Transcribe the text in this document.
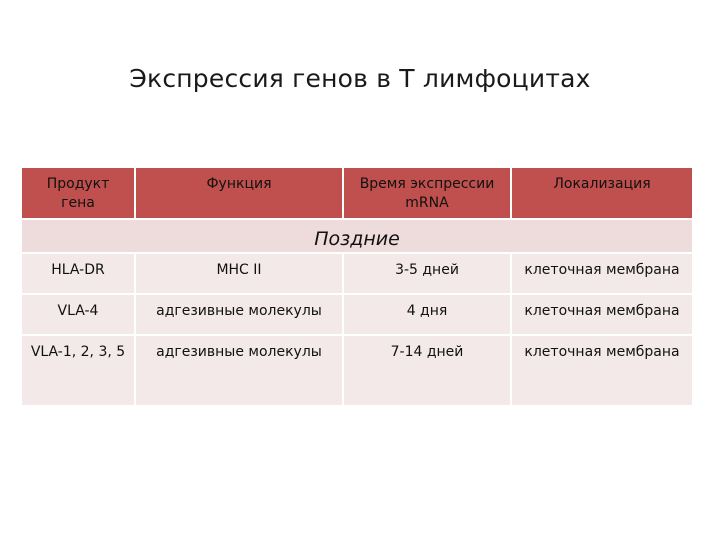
Экспрессия генов в Т лимфоцитах
Продукт гена	Функция	Время экспрессии mRNA	Локализация
Поздние			
HLA-DR	MHC II	3-5 дней	клеточная мембрана
VLA-4	адгезивные молекулы	4 дня	клеточная мембрана
VLA-1, 2, 3, 5	адгезивные молекулы	7-14 дней	клеточная мембрана
